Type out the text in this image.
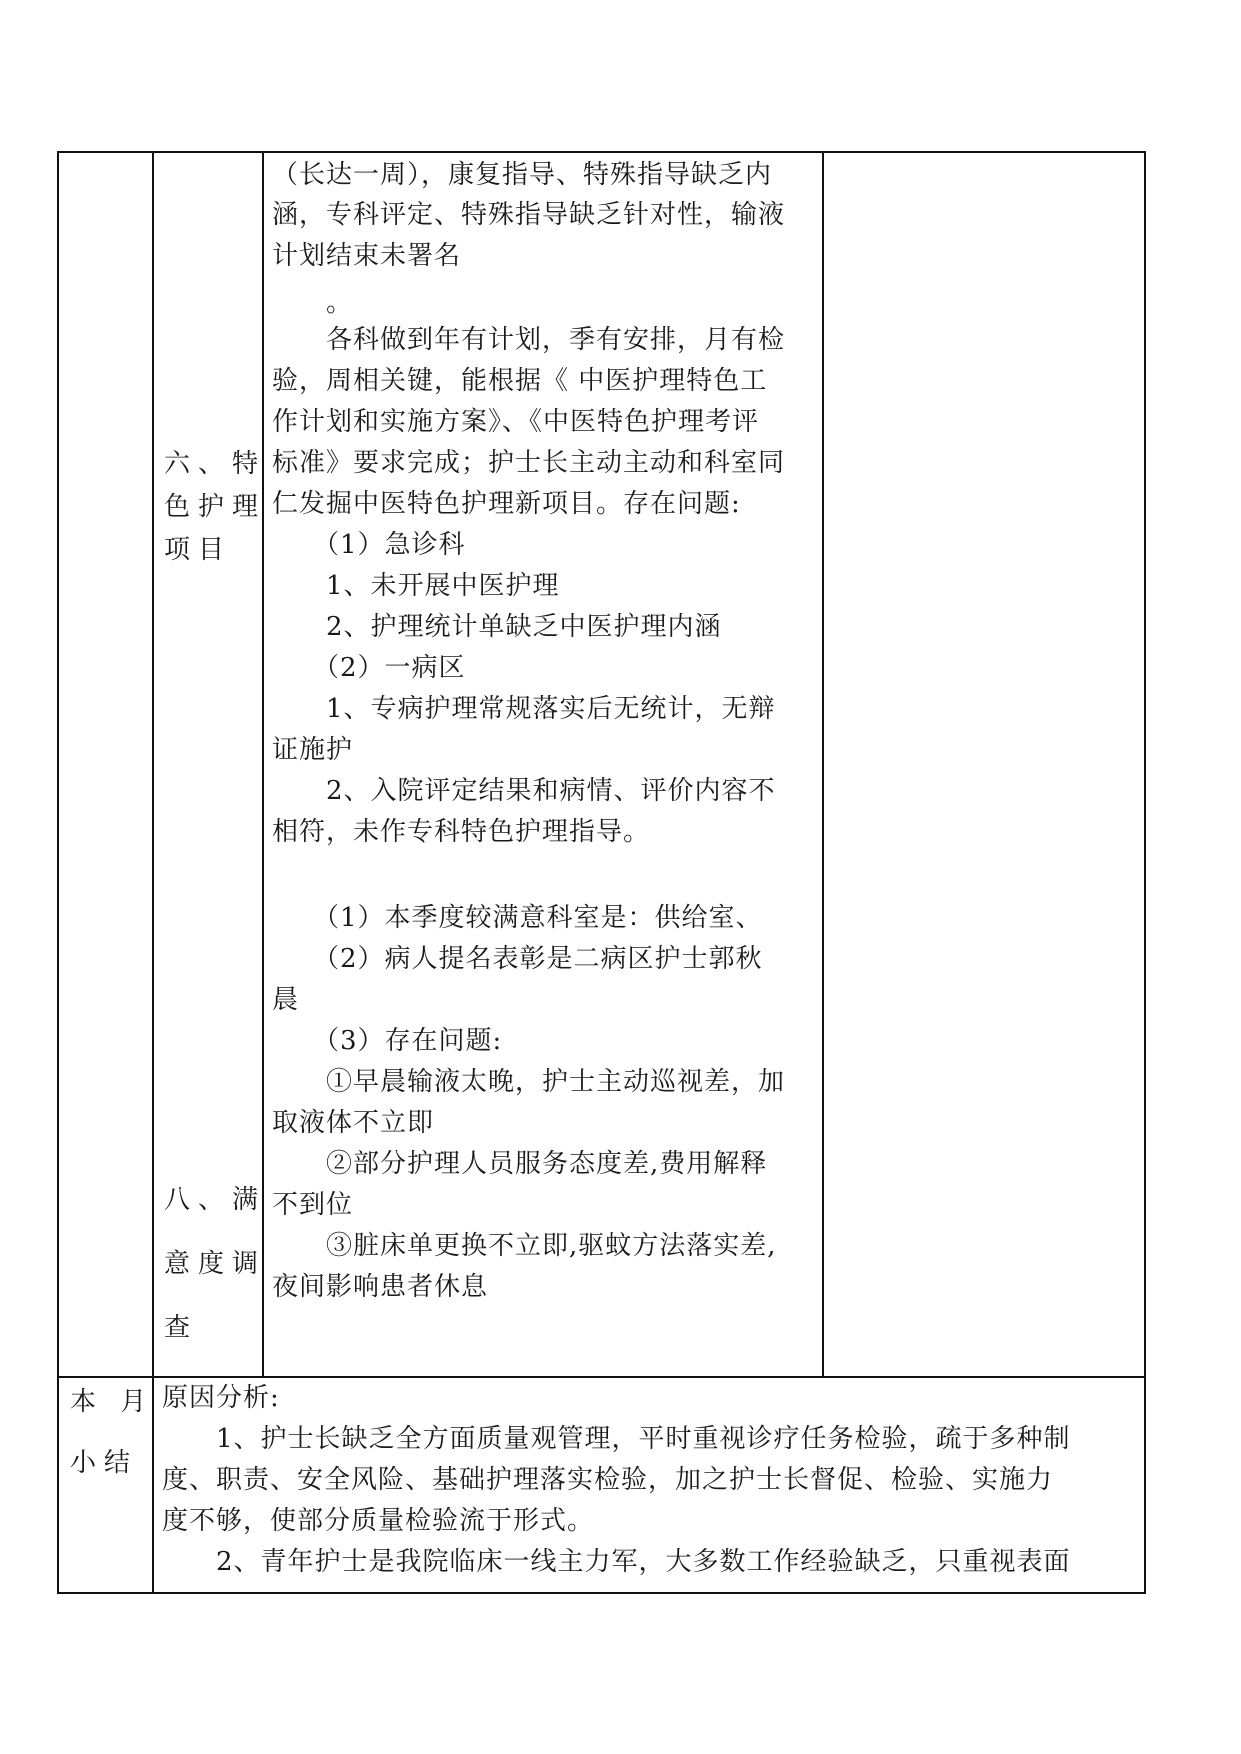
六、特
色护理
项目
（长达一周），康复指导、特殊指导缺乏内
涵，专科评定、特殊指导缺乏针对性，输液
计划结束未署名
　　。
　　各科做到年有计划，季有安排，月有检
验，周相关键，能根据《 中医护理特色工
作计划和实施方案》、《中医特色护理考评
标准》要求完成；护士长主动主动和科室同
仁发掘中医特色护理新项目。存在问题:
　　（1）急诊科
　　1、未开展中医护理
　　2、护理统计单缺乏中医护理内涵
　　（2）一病区
　　1、专病护理常规落实后无统计，无辩
证施护
　　2、入院评定结果和病情、评价内容不
相符，未作专科特色护理指导。
八、满
意度调
查
　　（1）本季度较满意科室是：供给室、
　　（2）病人提名表彰是二病区护士郭秋
晨
　　（3）存在问题:
　　①早晨输液太晚，护士主动巡视差，加
取液体不立即
　　②部分护理人员服务态度差,费用解释
不到位
　　③脏床单更换不立即,驱蚊方法落实差,
夜间影响患者休息
本 月
小结
原因分析:
　　1、护士长缺乏全方面质量观管理，平时重视诊疗任务检验，疏于多种制
度、职责、安全风险、基础护理落实检验，加之护士长督促、检验、实施力
度不够，使部分质量检验流于形式。
　　2、青年护士是我院临床一线主力军，大多数工作经验缺乏，只重视表面
